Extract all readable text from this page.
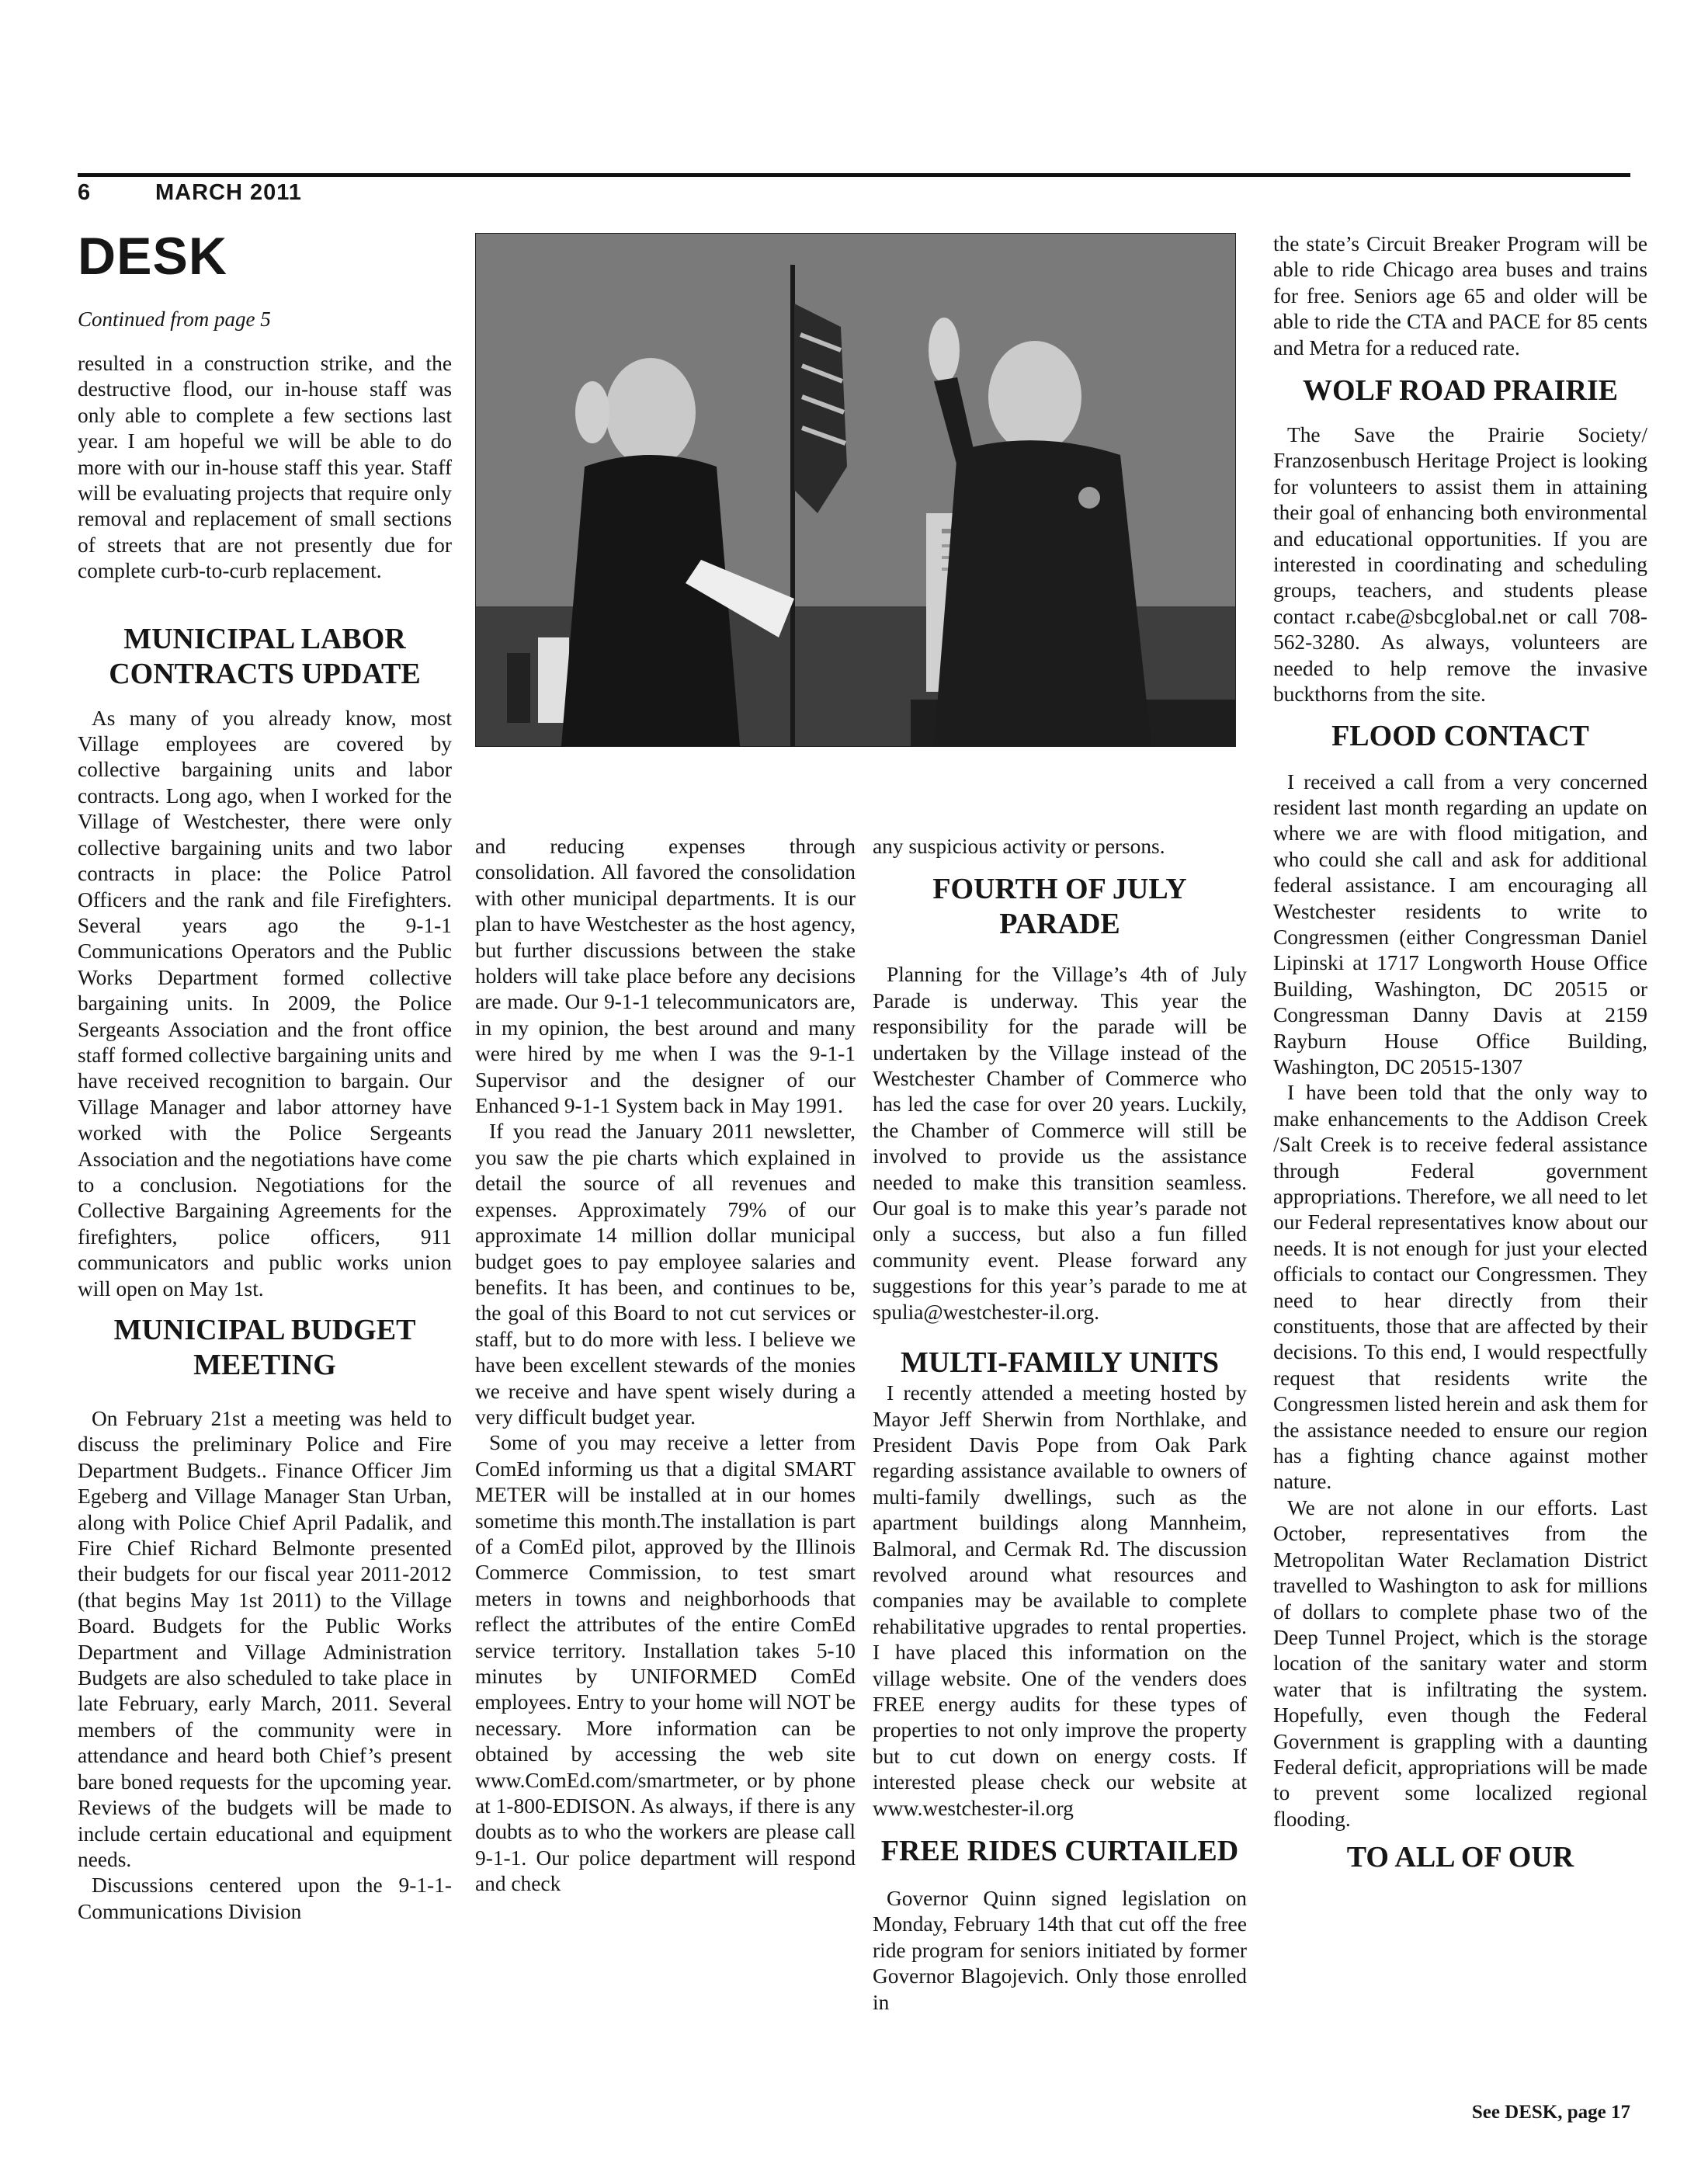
6	MARCH 2011
DESK
Continued from page 5

resulted in a construction strike, and the destructive flood, our in-house staff was only able to complete a few sections last year. I am hopeful we will be able to do more with our in-house staff this year. Staff will be evaluating projects that require only removal and replacement of small sections of streets that are not presently due for complete curb-to-curb replacement.

MUNICIPAL LABOR CONTRACTS UPDATE

As many of you already know, most Village employees are covered by collective bargaining units and labor contracts. Long ago, when I worked for the Village of Westchester, there were only collective bargaining units and two labor contracts in place: the Police Patrol Officers and the rank and file Firefighters. Several years ago the 9-1-1 Communications Operators and the Public Works Department formed collective bargaining units. In 2009, the Police Sergeants Association and the front office staff formed collective bargaining units and have received recognition to bargain. Our Village Manager and labor attorney have worked with the Police Sergeants Association and the negotiations have come to a conclusion. Negotiations for the Collective Bargaining Agreements for the firefighters, police officers, 911 communicators and public works union will open on May 1st.

MUNICIPAL BUDGET MEETING

On February 21st a meeting was held to discuss the preliminary Police and Fire Department Budgets.. Finance Officer Jim Egeberg and Village Manager Stan Urban, along with Police Chief April Padalik, and Fire Chief Richard Belmonte presented their budgets for our fiscal year 2011-2012 (that begins May 1st 2011) to the Village Board. Budgets for the Public Works Department and Village Administration Budgets are also scheduled to take place in late February, early March, 2011. Several members of the community were in attendance and heard both Chief’s present bare boned requests for the upcoming year. Reviews of the budgets will be made to include certain educational and equipment needs.

Discussions centered upon the 9-1-1- Communications Division

and reducing expenses through consolidation. All favored the consolidation with other municipal departments. It is our plan to have Westchester as the host agency, but further discussions between the stake holders will take place before any decisions are made. Our 9-1-1 telecommunicators are, in my opinion, the best around and many were hired by me when I was the 9-1-1 Supervisor and the designer of our Enhanced 9-1-1 System back in May 1991.

If you read the January 2011 newsletter, you saw the pie charts which explained in detail the source of all revenues and expenses. Approximately 79% of our approximate 14 million dollar municipal budget goes to pay employee salaries and benefits. It has been, and continues to be, the goal of this Board to not cut services or staff, but to do more with less. I believe we have been excellent stewards of the monies we receive and have spent wisely during a very difficult budget year.

Some of you may receive a letter from ComEd informing us that a digital SMART METER will be installed at in our homes sometime this month.The installation is part of a ComEd pilot, approved by the Illinois Commerce Commission, to test smart meters in towns and neighborhoods that reflect the attributes of the entire ComEd service territory. Installation takes 5-10 minutes by UNIFORMED ComEd employees. Entry to your home will NOT be necessary. More information can be obtained by accessing the web site www.ComEd.com/smartmeter, or by phone at 1-800-EDISON. As always, if there is any doubts as to who the workers are please call 9-1-1. Our police department will respond and check

any suspicious activity or persons.

FOURTH OF JULY PARADE

Planning for the Village’s 4th of July Parade is underway. This year the responsibility for the parade will be undertaken by the Village instead of the Westchester Chamber of Commerce who has led the case for over 20 years. Luckily, the Chamber of Commerce will still be involved to provide us the assistance needed to make this transition seamless. Our goal is to make this year’s parade not only a success, but also a fun filled community event. Please forward any suggestions for this year’s parade to me at spulia@westchester-il.org.

MULTI-FAMILY UNITS

I recently attended a meeting hosted by Mayor Jeff Sherwin from Northlake, and President Davis Pope from Oak Park regarding assistance available to owners of multi-family dwellings, such as the apartment buildings along Mannheim, Balmoral, and Cermak Rd. The discussion revolved around what resources and companies may be available to complete rehabilitative upgrades to rental properties. I have placed this information on the village website. One of the venders does FREE energy audits for these types of properties to not only improve the property but to cut down on energy costs. If interested please check our website at www.westchester-il.org

FREE RIDES CURTAILED

Governor Quinn signed legislation on Monday, February 14th that cut off the free ride program for seniors initiated by former Governor Blagojevich. Only those enrolled in

the state’s Circuit Breaker Program will be able to ride Chicago area buses and trains for free. Seniors age 65 and older will be able to ride the CTA and PACE for 85 cents and Metra for a reduced rate.

WOLF ROAD PRAIRIE

The Save the Prairie Society/ Franzosenbusch Heritage Project is looking for volunteers to assist them in attaining their goal of enhancing both environmental and educational opportunities. If you are interested in coordinating and scheduling groups, teachers, and students please contact r.cabe@sbcglobal.net or call 708-562-3280. As always, volunteers are needed to help remove the invasive buckthorns from the site.

FLOOD CONTACT

I received a call from a very concerned resident last month regarding an update on where we are with flood mitigation, and who could she call and ask for additional federal assistance. I am encouraging all Westchester residents to write to Congressmen (either Congressman Daniel Lipinski at 1717 Longworth House Office Building, Washington, DC 20515 or Congressman Danny Davis at 2159 Rayburn House Office Building, Washington, DC 20515-1307

I have been told that the only way to make enhancements to the Addison Creek /Salt Creek is to receive federal assistance through Federal government appropriations. Therefore, we all need to let our Federal representatives know about our needs. It is not enough for just your elected officials to contact our Congressmen. They need to hear directly from their constituents, those that are affected by their decisions. To this end, I would respectfully request that residents write the Congressmen listed herein and ask them for the assistance needed to ensure our region has a fighting chance against mother nature.

We are not alone in our efforts. Last October, representatives from the Metropolitan Water Reclamation District travelled to Washington to ask for millions of dollars to complete phase two of the Deep Tunnel Project, which is the storage location of the sanitary water and storm water that is infiltrating the system. Hopefully, even though the Federal Government is grappling with a daunting Federal deficit, appropriations will be made to prevent some localized regional flooding.

TO ALL OF OUR
See DESK, page 17
